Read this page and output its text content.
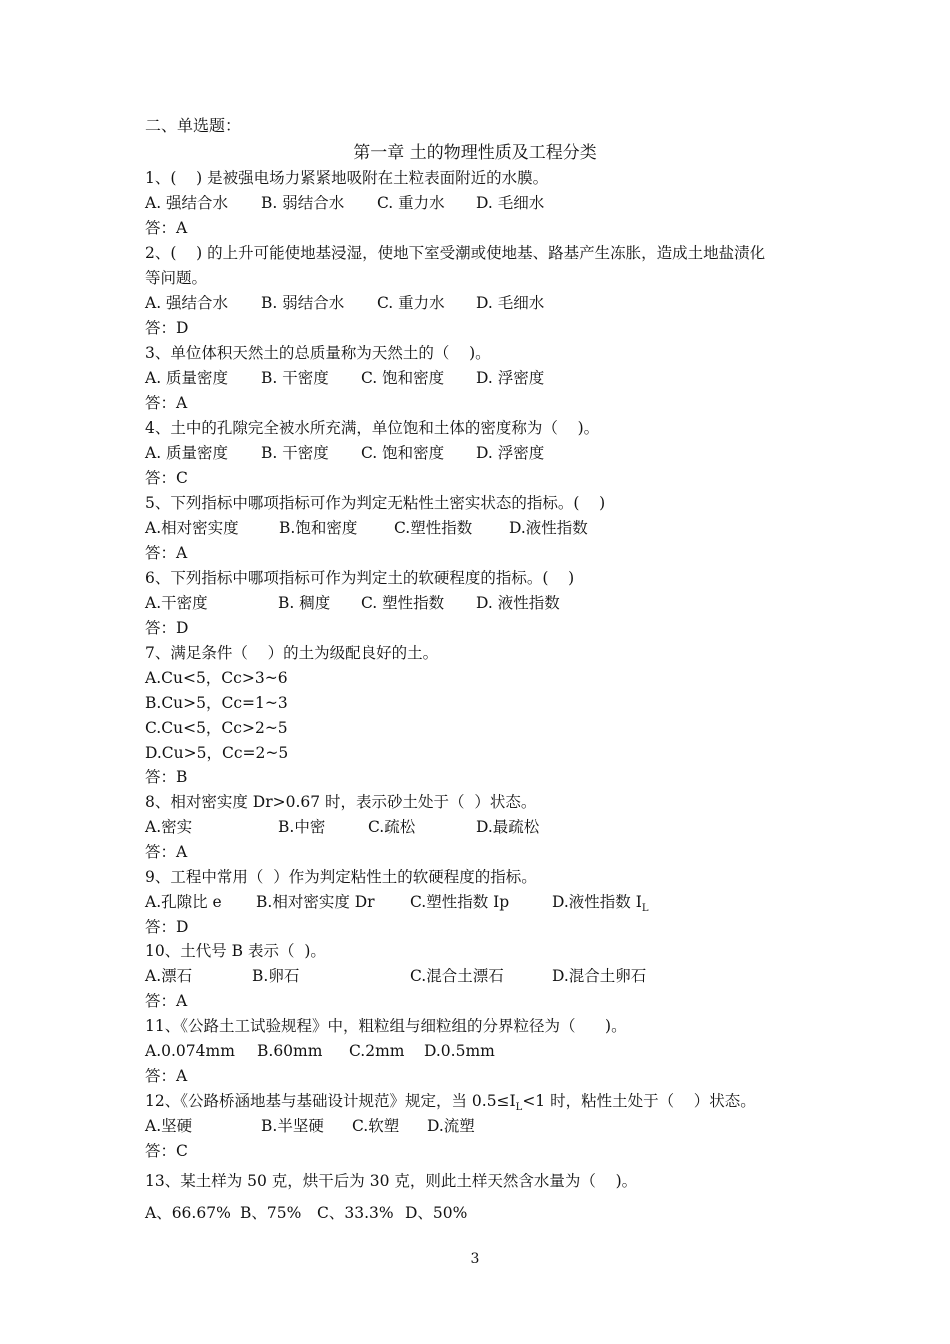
二、单选题：
第一章 土的物理性质及工程分类
1、(    ) 是被强电场力紧紧地吸附在土粒表面附近的水膜。
A. 强结合水 B. 弱结合水 C. 重力水 D. 毛细水
答：A
2、(    ) 的上升可能使地基浸湿，使地下室受潮或使地基、路基产生冻胀，造成土地盐渍化
等问题。
A. 强结合水 B. 弱结合水 C. 重力水 D. 毛细水
答：D
3、单位体积天然土的总质量称为天然土的（    )。
A. 质量密度 B. 干密度 C. 饱和密度 D. 浮密度
答：A
4、土中的孔隙完全被水所充满，单位饱和土体的密度称为（    )。
A. 质量密度 B. 干密度 C. 饱和密度 D. 浮密度
答：C
5、下列指标中哪项指标可作为判定无粘性土密实状态的指标。(    )
A.相对密实度	B.饱和密度 C.塑性指数 D.液性指数
答：A
6、下列指标中哪项指标可作为判定土的软硬程度的指标。(    )
A.干密度	B. 稠度 C. 塑性指数 D. 液性指数
答：D
7、满足条件（    ）的土为级配良好的土。
A.Cu<5，Cc>3~6
B.Cu>5，Cc=1~3
C.Cu<5，Cc>2~5
D.Cu>5，Cc=2~5
答：B
8、相对密实度 Dr>0.67 时，表示砂土处于（  ）状态。
A.密实	B.中密	C.疏松	D.最疏松
答：A
9、工程中常用（  ）作为判定粘性土的软硬程度的指标。
A.孔隙比 e B.相对密实度 Dr C.塑性指数 Ip	D.液性指数 $I_L$
答：D
10、土代号 B 表示（  )。
A.漂石	B.卵石	C.混合土漂石	D.混合土卵石
答：A
11、《公路土工试验规程》中，粗粒组与细粒组的分界粒径为（      )。
A.0.074mm B.60mm C.2mm D.0.5mm
答：A
12、《公路桥涵地基与基础设计规范》规定，当 $0.5\le I_L<1$ 时，粘性土处于（    ）状态。
A.坚硬	B.半坚硬 C.软塑 D.流塑
答：C
13、某土样为 50 克，烘干后为 30 克，则此土样天然含水量为（    )。
A、66.67% B、75% C、33.3% D、50%
3
